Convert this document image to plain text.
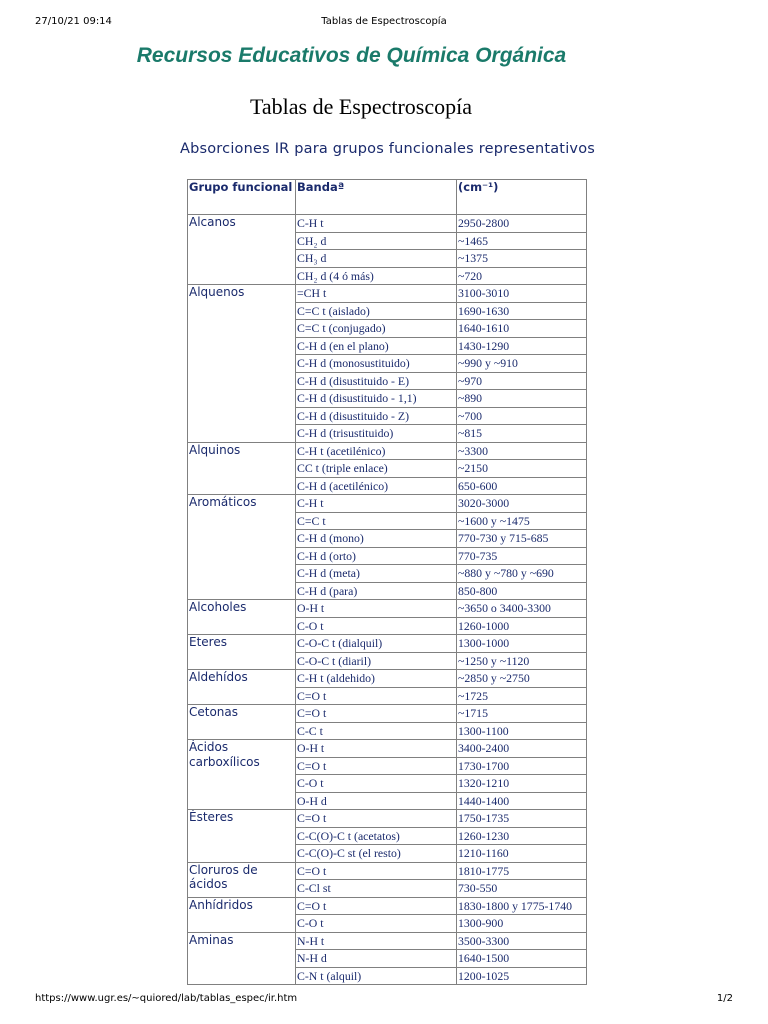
27/10/21 09:14	Tablas de Espectroscopía
Recursos Educativos de Química Orgánica
Tablas de Espectroscopía
Absorciones IR para grupos funcionales representativos
Grupo funcional	Bandaª	(cm⁻¹)
Alcanos	C-H t	2950-2800
	CH₂ d	~1465
	CH₃ d	~1375
	CH₂ d (4 ó más)	~720
Alquenos	=CH t	3100-3010
	C=C t (aislado)	1690-1630
	C=C t (conjugado)	1640-1610
	C-H d (en el plano)	1430-1290
	C-H d (monosustituido)	~990 y ~910
	C-H d (disustituido - E)	~970
	C-H d (disustituido - 1,1)	~890
	C-H d (disustituido - Z)	~700
	C-H d (trisustituido)	~815
Alquinos	C-H t (acetilénico)	~3300
	CC t (triple enlace)	~2150
	C-H d (acetilénico)	650-600
Aromáticos	C-H t	3020-3000
	C=C t	~1600 y ~1475
	C-H d (mono)	770-730 y 715-685
	C-H d (orto)	770-735
	C-H d (meta)	~880 y ~780 y ~690
	C-H d (para)	850-800
Alcoholes	O-H t	~3650 o 3400-3300
	C-O t	1260-1000
Eteres	C-O-C t (dialquil)	1300-1000
	C-O-C t (diaril)	~1250 y ~1120
Aldehídos	C-H t (aldehido)	~2850 y ~2750
	C=O t	~1725
Cetonas	C=O t	~1715
	C-C t	1300-1100
Ácidos carboxílicos	O-H t	3400-2400
	C=O t	1730-1700
	C-O t	1320-1210
	O-H d	1440-1400
Ésteres	C=O t	1750-1735
	C-C(O)-C t (acetatos)	1260-1230
	C-C(O)-C st (el resto)	1210-1160
Cloruros de ácidos	C=O t	1810-1775
	C-Cl st	730-550
Anhídridos	C=O t	1830-1800 y 1775-1740
	C-O t	1300-900
Aminas	N-H t	3500-3300
	N-H d	1640-1500
	C-N t (alquil)	1200-1025
https://www.ugr.es/~quiored/lab/tablas_espec/ir.htm	1/2
